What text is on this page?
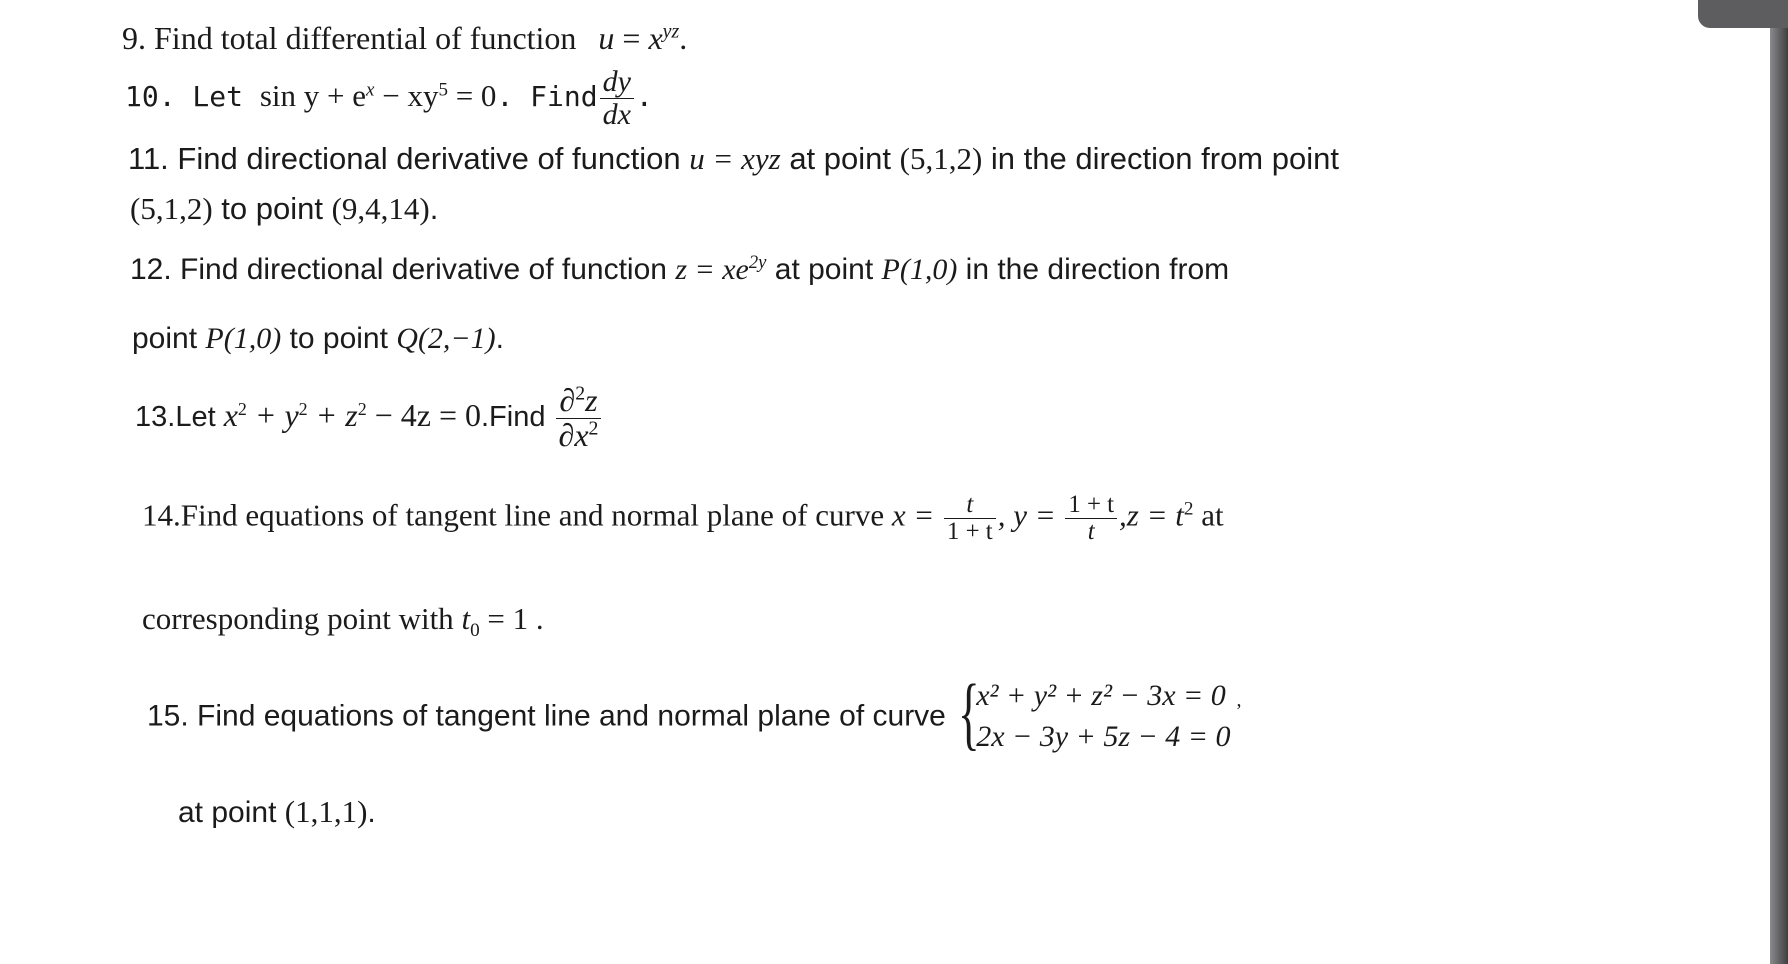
9. Find total differential of function $u = x^{yz}$.
10. Let $\sin y + e^x - xy^5 = 0$. Find $\frac{dy}{dx}$ .
11. Find directional derivative of function u = xyz at point (5,1,2) in the direction from point
(5,1,2) to point (9,4,14).
12. Find directional derivative of function $z = xe^{2y}$ at point P(1,0) in the direction from
point P(1,0) to point Q(2,−1).
13.Let $x^2 + y^2 + z^2 - 4z$ = 0.Find $\frac{\partial^2z}{\partial x^2}$
14.Find equations of tangent line and normal plane of curve $x = \frac{t}{1 + t}$ , $y = \frac{1 + t}{t} ,z = t^2$ at
corresponding point with $t_0 = 1$ .
15. Find equations of tangent line and normal plane of curve {
x² + y² + z² − 3x = 0
2x − 3y + 5z − 4 = 0
,
at point (1,1,1).
